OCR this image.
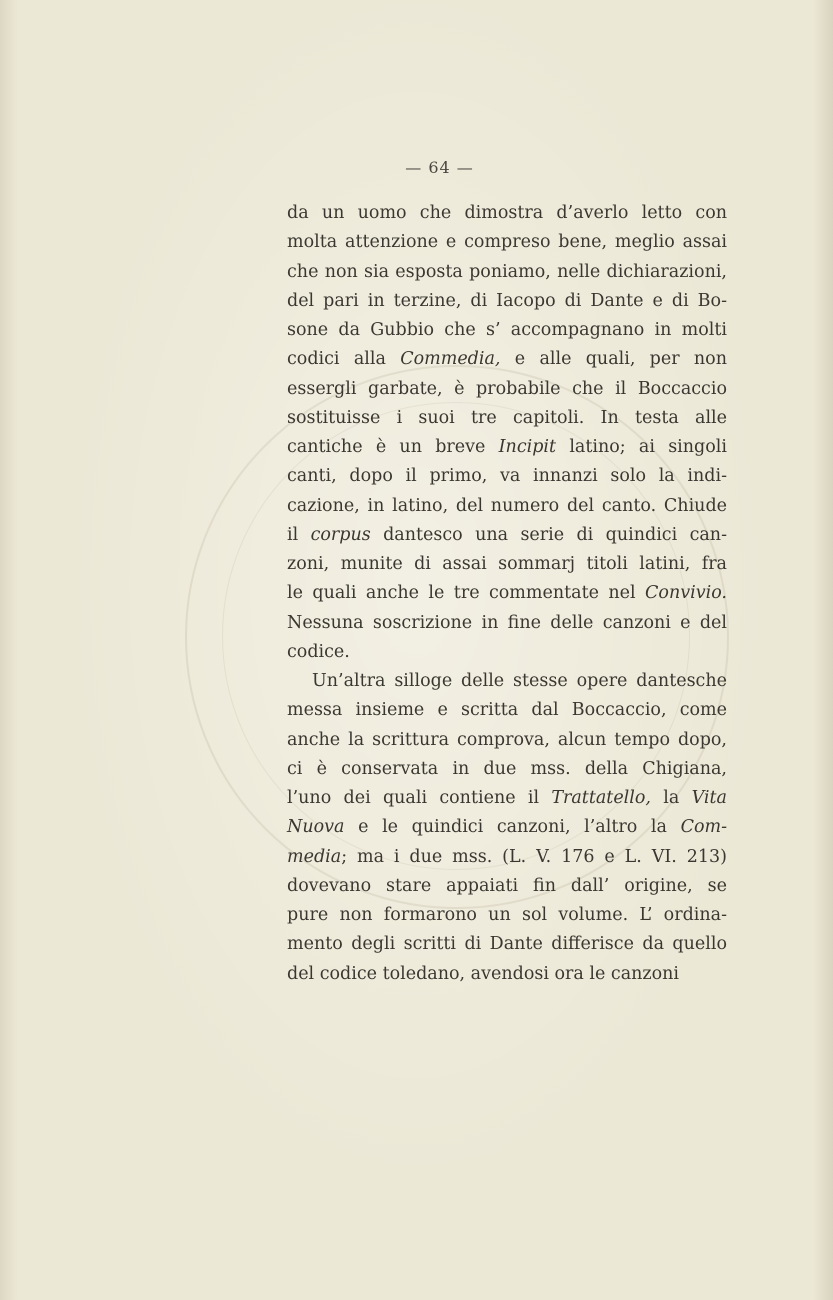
— 64 —
da un uomo che dimostra d’averlo letto con
molta attenzione e compreso bene, meglio assai
che non sia esposta poniamo, nelle dichiarazioni,
del pari in terzine, di Iacopo di Dante e di Bo-
sone da Gubbio che s’ accompagnano in molti
codici alla Commedia, e alle quali, per non
essergli garbate, è probabile che il Boccaccio
sostituisse i suoi tre capitoli. In testa alle
cantiche è un breve Incipit latino; ai singoli
canti, dopo il primo, va innanzi solo la indi-
cazione, in latino, del numero del canto. Chiude
il corpus dantesco una serie di quindici can-
zoni, munite di assai sommarj titoli latini, fra
le quali anche le tre commentate nel Convivio.
Nessuna soscrizione in fine delle canzoni e del
codice.
Un’altra silloge delle stesse opere dantesche
messa insieme e scritta dal Boccaccio, come
anche la scrittura comprova, alcun tempo dopo,
ci è conservata in due mss. della Chigiana,
l’uno dei quali contiene il Trattatello, la Vita
Nuova e le quindici canzoni, l’altro la Com-
media; ma i due mss. (L. V. 176 e L. VI. 213)
dovevano stare appaiati fin dall’ origine, se
pure non formarono un sol volume. L’ ordina-
mento degli scritti di Dante differisce da quello
del codice toledano, avendosi ora le canzoni
